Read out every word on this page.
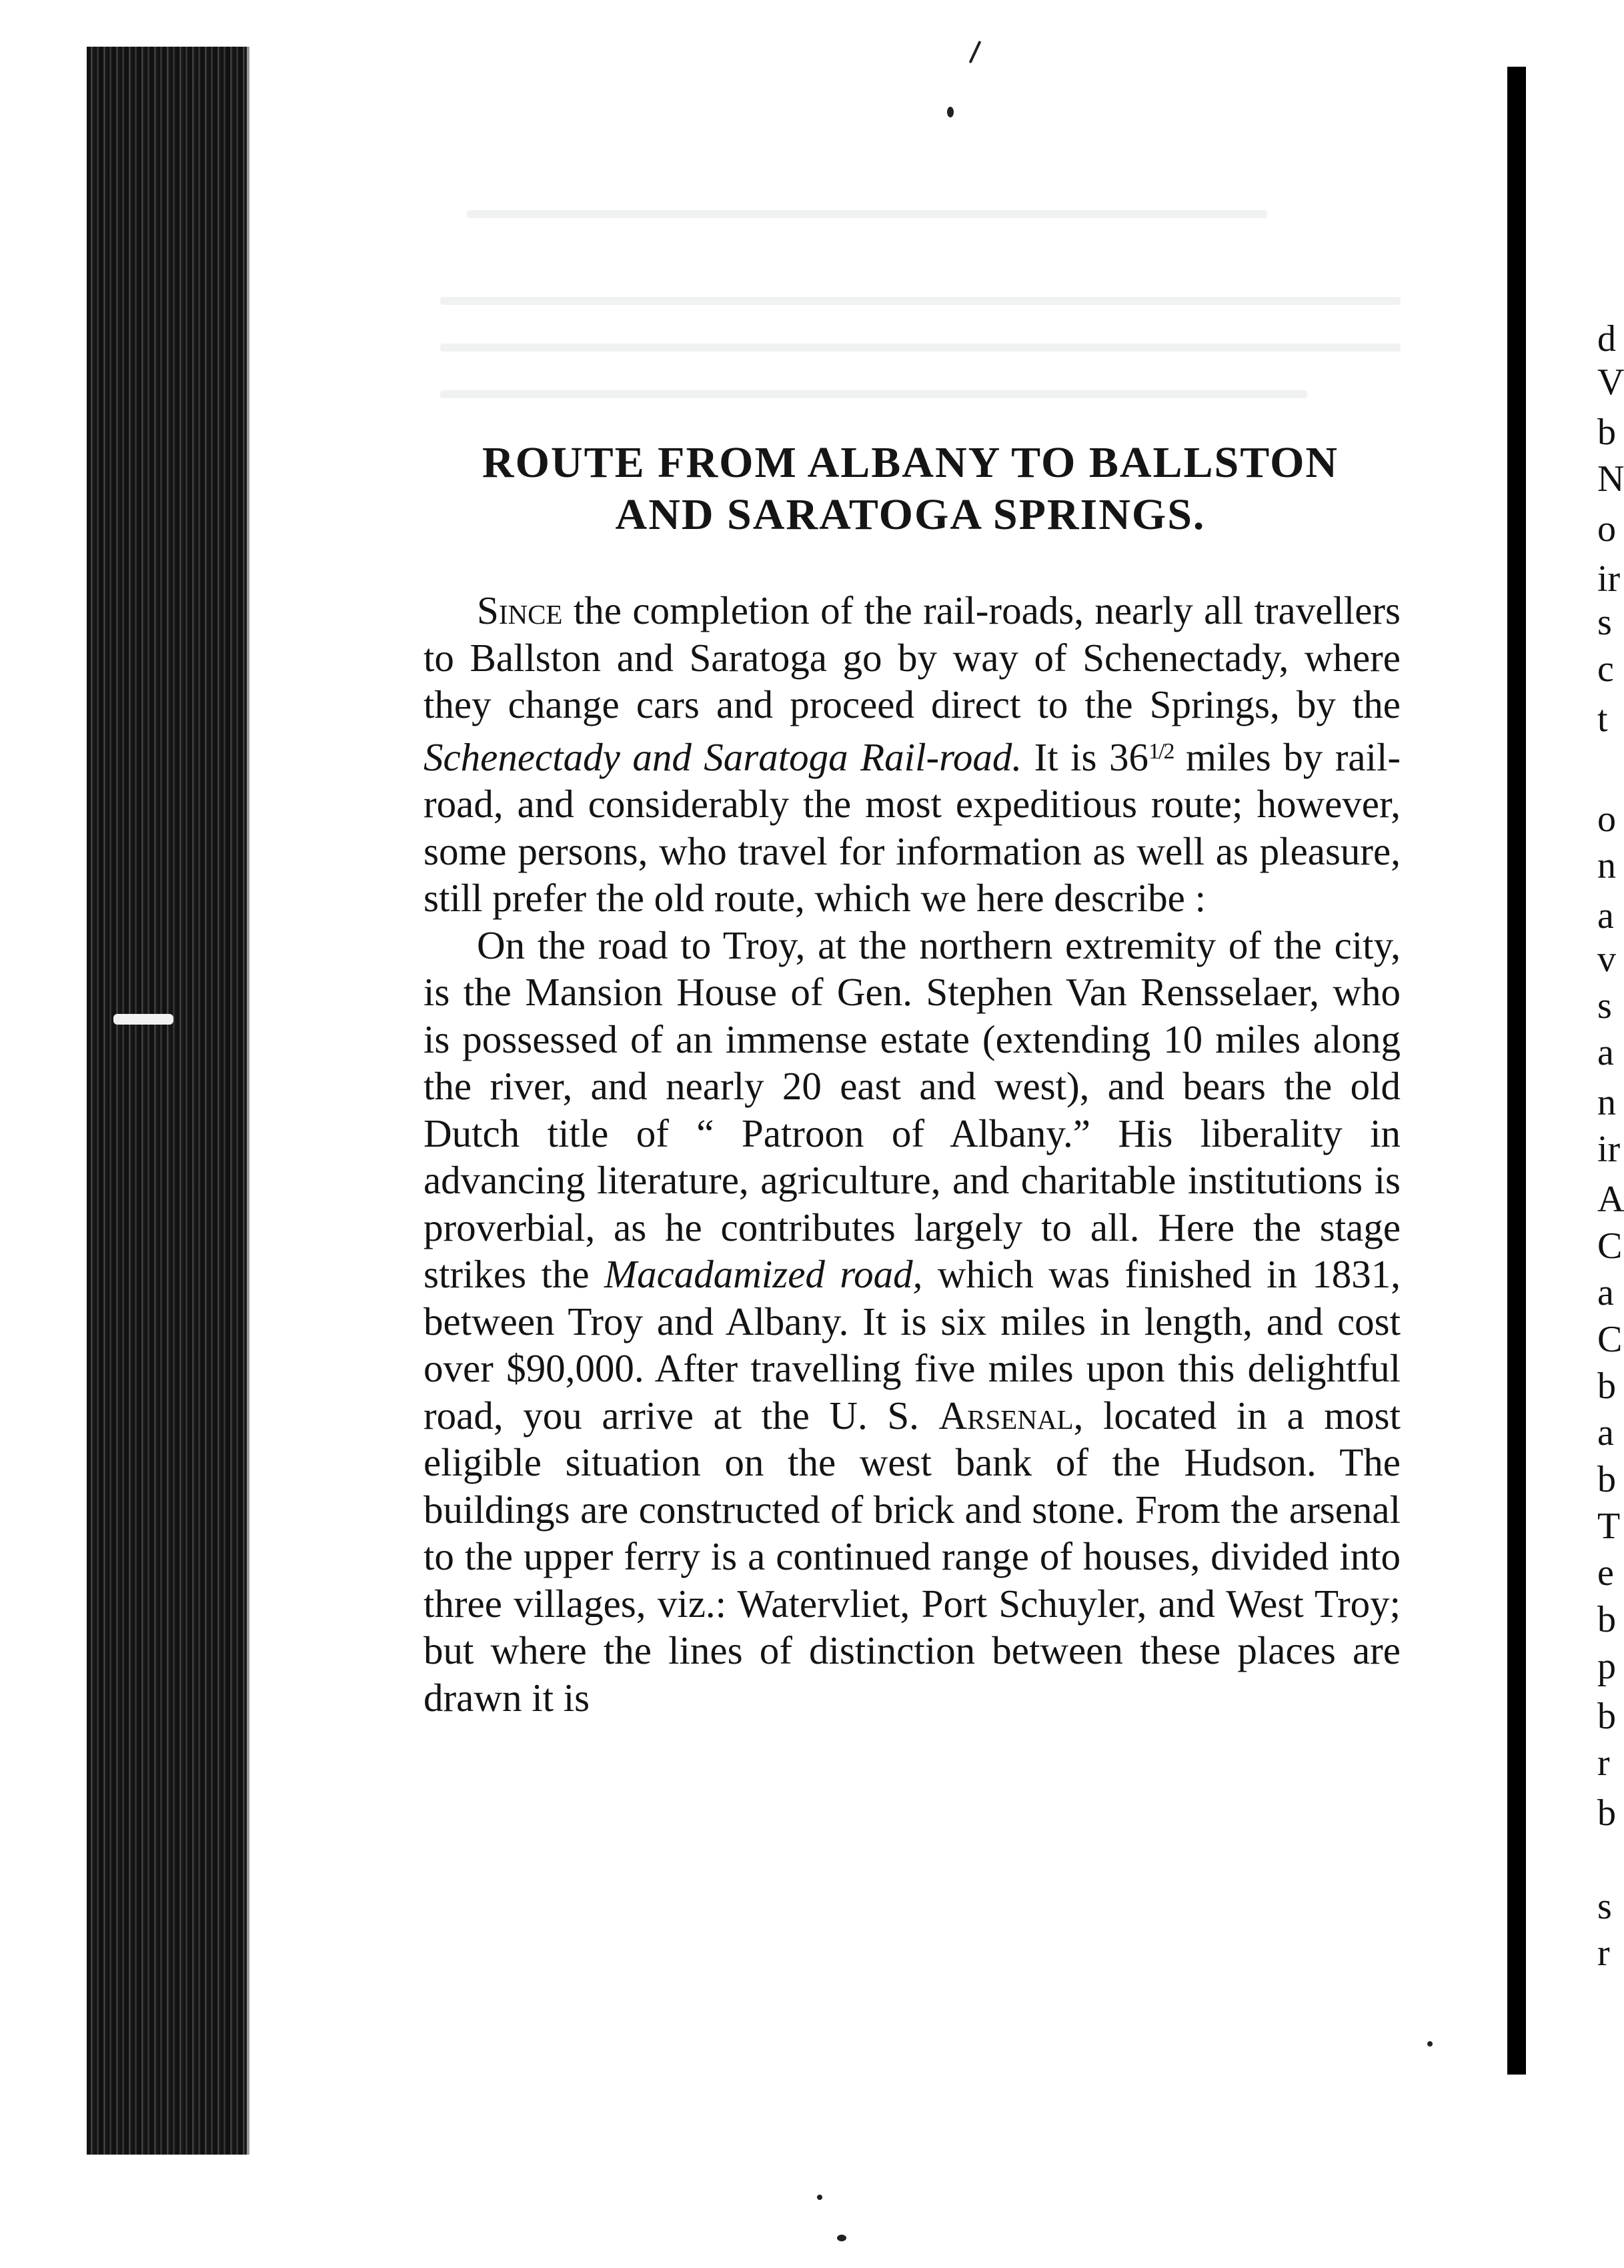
ROUTE FROM ALBANY TO BALLSTON
AND SARATOGA SPRINGS.

Since the completion of the rail-roads, nearly all travellers to Ballston and Saratoga go by way of Schenectady, where they change cars and proceed direct to the Springs, by the Schenectady and Saratoga Rail-road. It is $36^{1/2}$ miles by rail-road, and considerably the most expeditious route; however, some persons, who travel for information as well as pleasure, still prefer the old route, which we here describe :

On the road to Troy, at the northern extremity of the city, is the Mansion House of Gen. Stephen Van Rensselaer, who is possessed of an immense estate (extending 10 miles along the river, and nearly 20 east and west), and bears the old Dutch title of “ Patroon of Albany.” His liberality in advancing literature, agriculture, and charitable institutions is proverbial, as he contributes largely to all. Here the stage strikes the Macadamized road, which was finished in 1831, between Troy and Albany. It is six miles in length, and cost over $90,000. After travelling five miles upon this delightful road, you arrive at the U. S. Arsenal, located in a most eligible situation on the west bank of the Hudson. The buildings are constructed of brick and stone. From the arsenal to the upper ferry is a continued range of houses, divided into three villages, viz.: Watervliet, Port Schuyler, and West Troy; but where the lines of distinction between these places are drawn it is

d
V
b
N
o
ir
s
c
t
o
n
a
v
s
a
n
ir
A
C
a
C
b
a
b
T
e
b
p
b
r
b
s
r
